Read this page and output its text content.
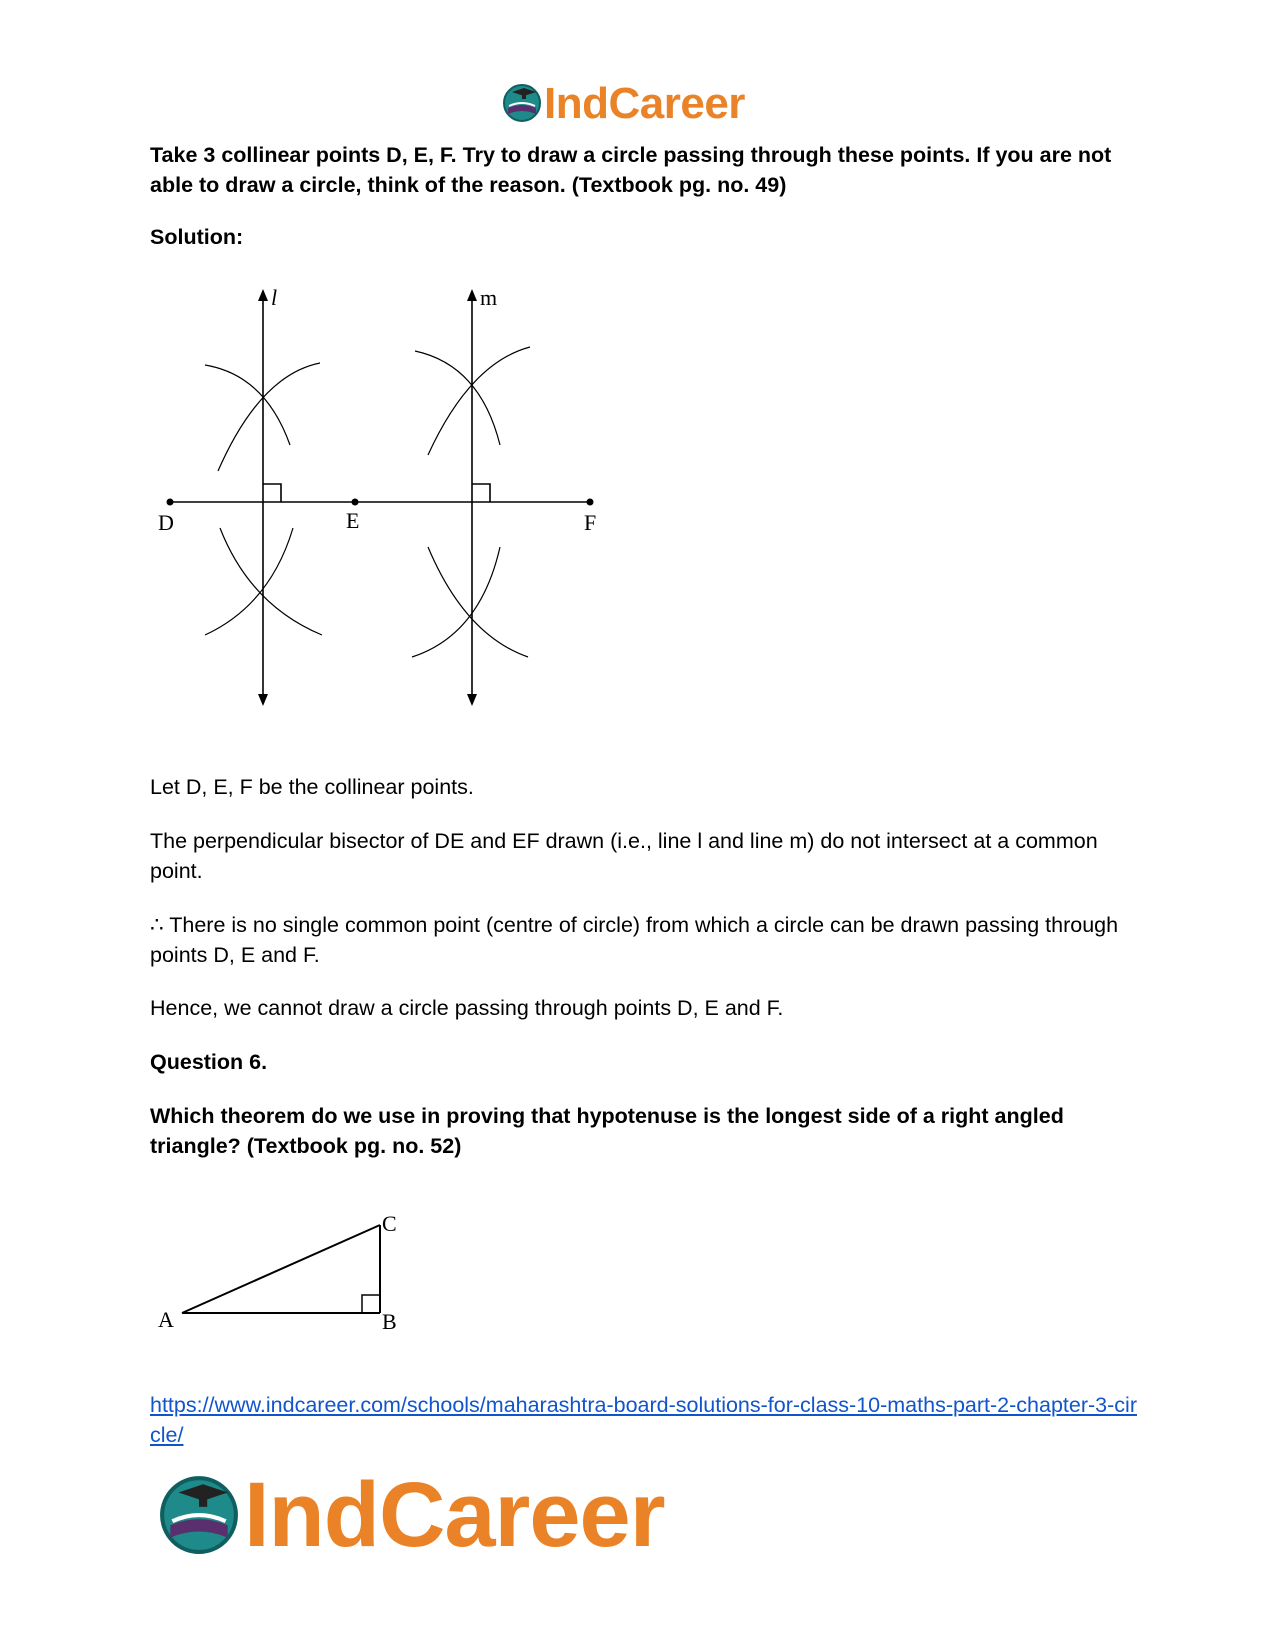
IndCareer

Take 3 collinear points D, E, F. Try to draw a circle passing through these points. If you are not able to draw a circle, think of the reason. (Textbook pg. no. 49)

Solution:

l	m
D	E	F

Let D, E, F be the collinear points.

The perpendicular bisector of DE and EF drawn (i.e., line l and line m) do not intersect at a common point.

∴ There is no single common point (centre of circle) from which a circle can be drawn passing through points D, E and F.

Hence, we cannot draw a circle passing through points D, E and F.

Question 6.

Which theorem do we use in proving that hypotenuse is the longest side of a right angled triangle? (Textbook pg. no. 52)

A	B
C

https://www.indcareer.com/schools/maharashtra-board-solutions-for-class-10-maths-part-2-chapter-3-circle/

IndCareer
